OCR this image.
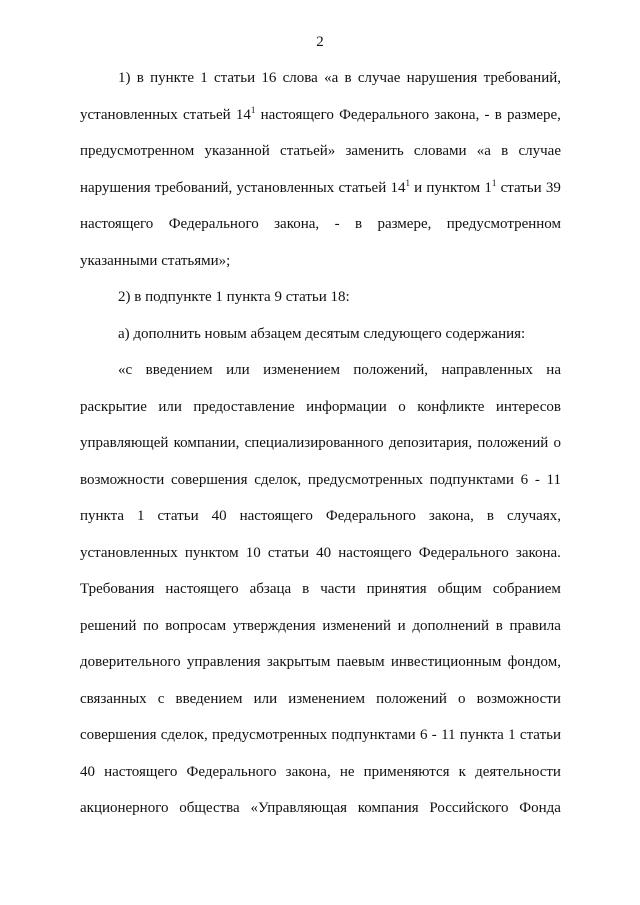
2
1) в пункте 1 статьи 16 слова «а в случае нарушения требований,
установленных статьей $14^1$ настоящего Федерального закона, - в размере,
предусмотренном указанной статьей» заменить словами «а в случае
нарушения требований, установленных статьей $14^1$ и пунктом $1^1$ статьи 39
настоящего Федерального закона, - в размере, предусмотренном
указанными статьями»;
2) в подпункте 1 пункта 9 статьи 18:
а) дополнить новым абзацем десятым следующего содержания:
«с введением или изменением положений, направленных на
раскрытие или предоставление информации о конфликте интересов
управляющей компании, специализированного депозитария, положений о
возможности совершения сделок, предусмотренных подпунктами 6 - 11
пункта 1 статьи 40 настоящего Федерального закона, в случаях,
установленных пунктом 10 статьи 40 настоящего Федерального закона.
Требования настоящего абзаца в части принятия общим собранием
решений по вопросам утверждения изменений и дополнений в правила
доверительного управления закрытым паевым инвестиционным фондом,
связанных с введением или изменением положений о возможности
совершения сделок, предусмотренных подпунктами 6 - 11 пункта 1 статьи
40 настоящего Федерального закона, не применяются к деятельности
акционерного общества «Управляющая компания Российского Фонда
